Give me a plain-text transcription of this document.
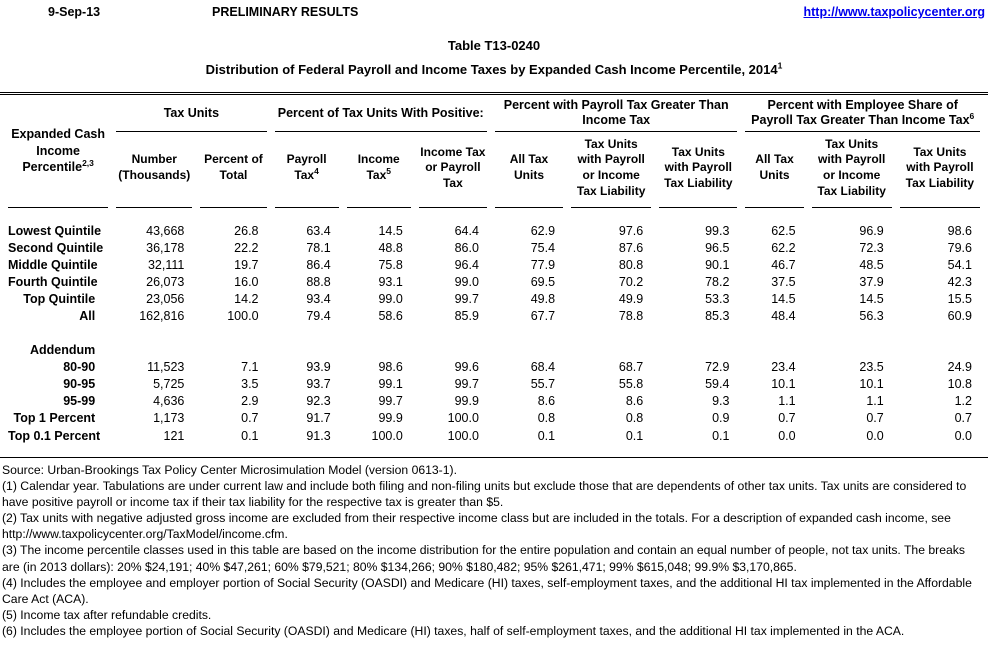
9-Sep-13	PRELIMINARY RESULTS	http://www.taxpolicycenter.org
Table T13-0240
Distribution of Federal Payroll and Income Taxes by Expanded Cash Income Percentile, 2014$^1$
Expanded Cash Income Percentile$^{2,3}$	Tax Units		Percent of Tax Units With Positive:			Percent with Payroll Tax Greater Than Income Tax			Percent with Employee Share of Payroll Tax Greater Than Income Tax$^6$
	Number (Thousands)	Percent of Total	Payroll Tax$^4$	Income Tax$^5$	Income Tax or Payroll Tax	All Tax Units	Tax Units with Payroll or Income Tax Liability	Tax Units with Payroll Tax Liability	All Tax Units	Tax Units with Payroll or Income Tax Liability	Tax Units with Payroll Tax Liability
Lowest Quintile	43,668	26.8	63.4	14.5	64.4	62.9	97.6	99.3	62.5	96.9	98.6
Second Quintile	36,178	22.2	78.1	48.8	86.0	75.4	87.6	96.5	62.2	72.3	79.6
Middle Quintile	32,111	19.7	86.4	75.8	96.4	77.9	80.8	90.1	46.7	48.5	54.1
Fourth Quintile	26,073	16.0	88.8	93.1	99.0	69.5	70.2	78.2	37.5	37.9	42.3
Top Quintile	23,056	14.2	93.4	99.0	99.7	49.8	49.9	53.3	14.5	14.5	15.5
All	162,816	100.0	79.4	58.6	85.9	67.7	78.8	85.3	48.4	56.3	60.9

Addendum											
80-90	11,523	7.1	93.9	98.6	99.6	68.4	68.7	72.9	23.4	23.5	24.9
90-95	5,725	3.5	93.7	99.1	99.7	55.7	55.8	59.4	10.1	10.1	10.8
95-99	4,636	2.9	92.3	99.7	99.9	8.6	8.6	9.3	1.1	1.1	1.2
Top 1 Percent	1,173	0.7	91.7	99.9	100.0	0.8	0.8	0.9	0.7	0.7	0.7
Top 0.1 Percent	121	0.1	91.3	100.0	100.0	0.1	0.1	0.1	0.0	0.0	0.0

Source: Urban-Brookings Tax Policy Center Microsimulation Model (version 0613-1).

(1) Calendar year. Tabulations are under current law and include both filing and non-filing units but exclude those that are dependents of other tax units. Tax units are considered to have positive payroll or income tax if their tax liability for the respective tax is greater than $5.

(2) Tax units with negative adjusted gross income are excluded from their respective income class but are included in the totals. For a description of expanded cash income, see http://www.taxpolicycenter.org/TaxModel/income.cfm.

(3) The income percentile classes used in this table are based on the income distribution for the entire population and contain an equal number of people, not tax units. The breaks are (in 2013 dollars): 20% $24,191; 40% $47,261; 60% $79,521; 80% $134,266; 90% $180,482; 95% $261,471; 99% $615,048; 99.9% $3,170,865.

(4) Includes the employee and employer portion of Social Security (OASDI) and Medicare (HI) taxes, self-employment taxes, and the additional HI tax implemented in the Affordable Care Act (ACA).

(5) Income tax after refundable credits.

(6) Includes the employee portion of Social Security (OASDI) and Medicare (HI) taxes, half of self-employment taxes, and the additional HI tax implemented in the ACA.
